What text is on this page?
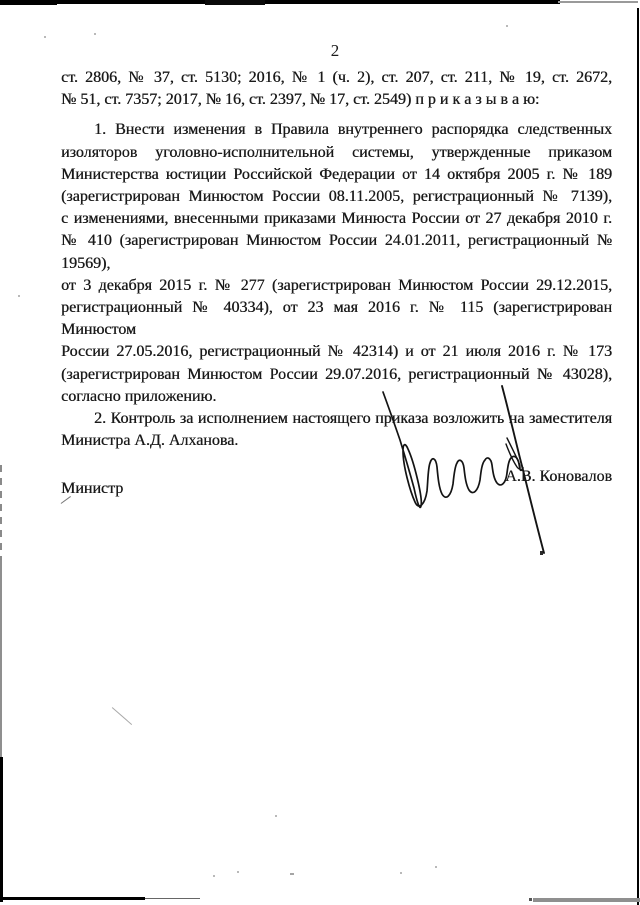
2
ст. 2806, № 37, ст. 5130; 2016, № 1 (ч. 2), ст. 207, ст. 211, № 19, ст. 2672,
№ 51, ст. 7357; 2017, № 16, ст. 2397, № 17, ст. 2549) п р и к а з ы в а ю:
1. Внести изменения в Правила внутреннего распорядка следственных
изоляторов уголовно-исполнительной системы, утвержденные приказом
Министерства юстиции Российской Федерации от 14 октября 2005 г. № 189
(зарегистрирован Минюстом России 08.11.2005, регистрационный № 7139),
с изменениями, внесенными приказами Минюста России от 27 декабря 2010 г.
№ 410 (зарегистрирован Минюстом России 24.01.2011, регистрационный № 19569),
от 3 декабря 2015 г. № 277 (зарегистрирован Минюстом России 29.12.2015,
регистрационный № 40334), от 23 мая 2016 г. № 115 (зарегистрирован Минюстом
России 27.05.2016, регистрационный № 42314) и от 21 июля 2016 г. № 173
(зарегистрирован Минюстом России 29.07.2016, регистрационный № 43028),
согласно приложению.
2. Контроль за исполнением настоящего приказа возложить на заместителя
Министра А.Д. Алханова.
Министр
А.В. Коновалов
